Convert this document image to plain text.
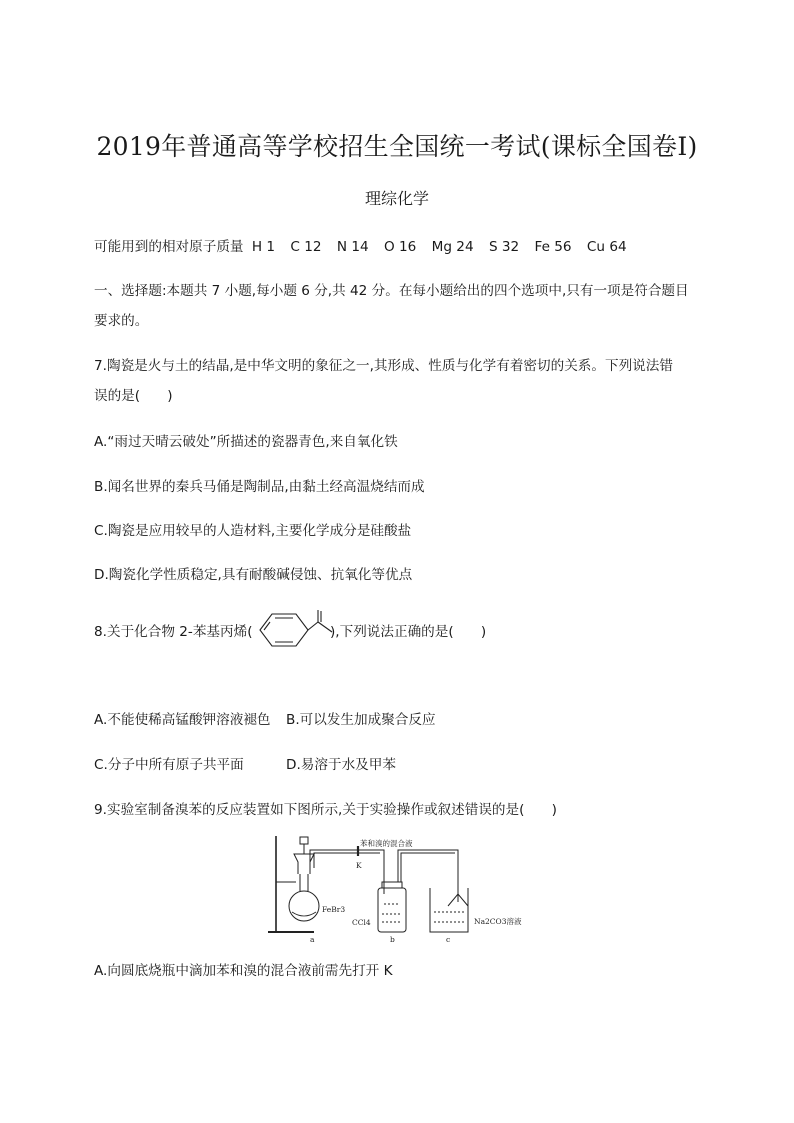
2019年普通高等学校招生全国统一考试(课标全国卷Ⅰ)
理综化学
可能用到的相对原子质量 H 1 C 12 N 14 O 16 Mg 24 S 32 Fe 56 Cu 64
一、选择题:本题共 7 小题,每小题 6 分,共 42 分。在每小题给出的四个选项中,只有一项是符合题目
要求的。
7.陶瓷是火与土的结晶,是中华文明的象征之一,其形成、性质与化学有着密切的关系。下列说法错
误的是(　　)
A.“雨过天晴云破处”所描述的瓷器青色,来自氧化铁
B.闻名世界的秦兵马俑是陶制品,由黏土经高温烧结而成
C.陶瓷是应用较早的人造材料,主要化学成分是硅酸盐
D.陶瓷化学性质稳定,具有耐酸碱侵蚀、抗氧化等优点
8.关于化合物 2-苯基丙烯(	),下列说法正确的是(　　)
A.不能使稀高锰酸钾溶液褪色 B.可以发生加成聚合反应
C.分子中所有原子共平面	D.易溶于水及甲苯
9.实验室制备溴苯的反应装置如下图所示,关于实验操作或叙述错误的是(　　)
苯和溴的混合液
K
FeBr3
CCl4	Na2CO3溶液
a	b	c
A.向圆底烧瓶中滴加苯和溴的混合液前需先打开 K
